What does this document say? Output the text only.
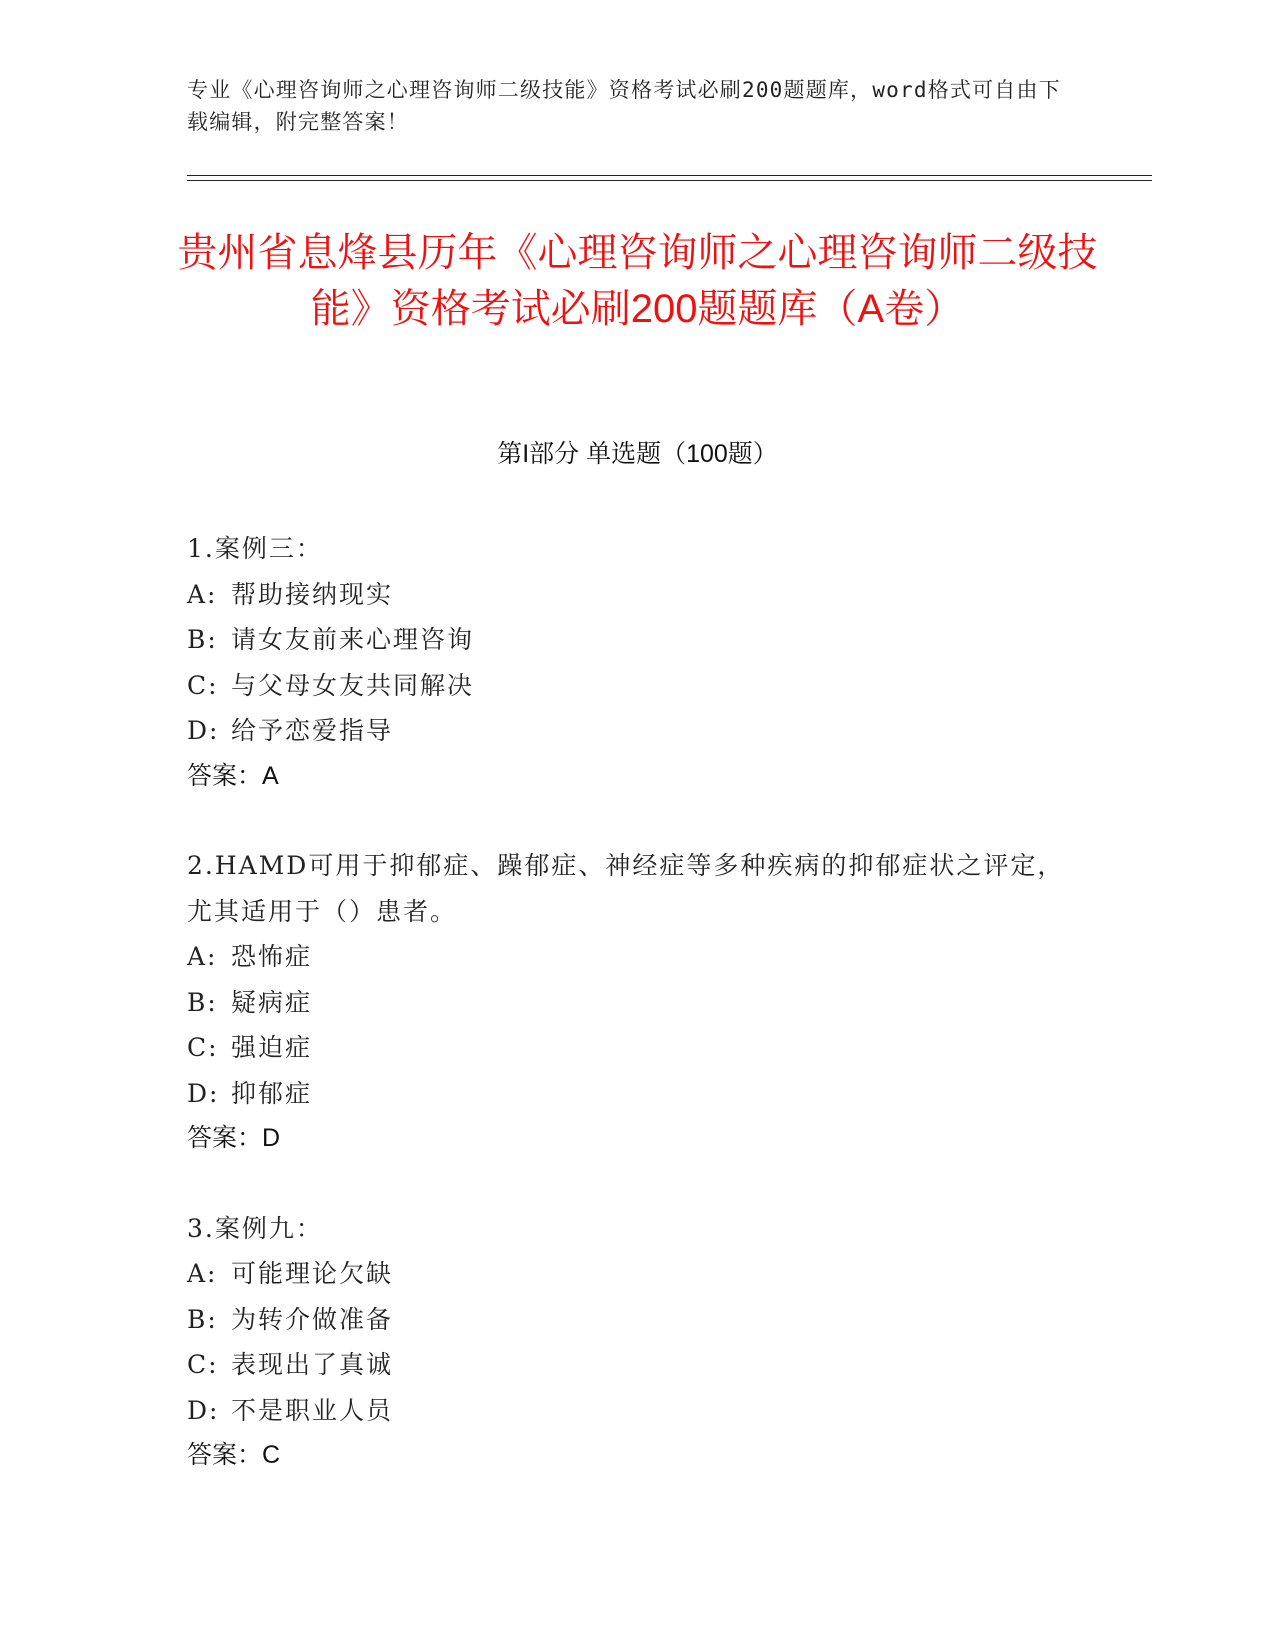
专业《心理咨询师之心理咨询师二级技能》资格考试必刷200题题库，word格式可自由下载编辑，附完整答案！
贵州省息烽县历年《心理咨询师之心理咨询师二级技能》资格考试必刷200题题库（A卷）
第I部分 单选题（100题）
1.案例三：
A: 帮助接纳现实
B: 请女友前来心理咨询
C: 与父母女友共同解决
D: 给予恋爱指导
答案：A
2.HAMD可用于抑郁症、躁郁症、神经症等多种疾病的抑郁症状之评定，尤其适用于（）患者。
A: 恐怖症
B: 疑病症
C: 强迫症
D: 抑郁症
答案：D
3.案例九：
A: 可能理论欠缺
B: 为转介做准备
C: 表现出了真诚
D: 不是职业人员
答案：C
